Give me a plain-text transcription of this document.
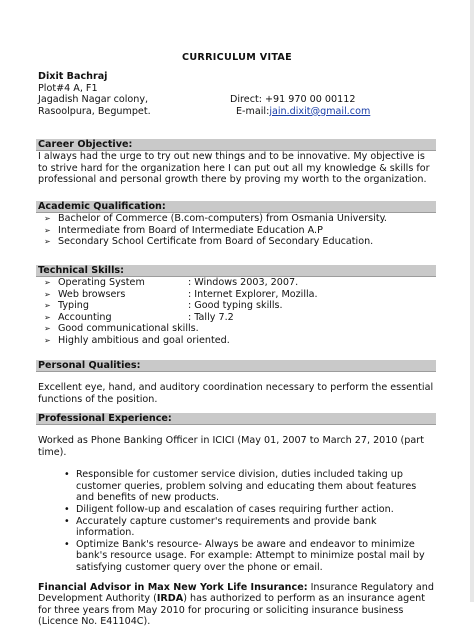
CURRICULUM VITAE
Dixit Bachraj
Plot#4 A, F1
Jagadish Nagar colony,	Direct: +91 970 00 00112
Rasoolpura, Begumpet.	E-mail:jain.dixit@gmail.com
Career Objective:
I always had the urge to try out new things and to be innovative. My objective is to strive hard for the organization here I can put out all my knowledge & skills for professional and personal growth there by proving my worth to the organization.
Academic Qualification:
➢ Bachelor of Commerce (B.com-computers) from Osmania University.
➢ Intermediate from Board of Intermediate Education A.P
➢ Secondary School Certificate from Board of Secondary Education.
Technical Skills:
➢ Operating System	: Windows 2003, 2007.
➢ Web browsers	: Internet Explorer, Mozilla.
➢ Typing	: Good typing skills.
➢ Accounting	: Tally 7.2
➢ Good communicational skills.
➢ Highly ambitious and goal oriented.
Personal Qualities:
Excellent eye, hand, and auditory coordination necessary to perform the essential functions of the position.
Professional Experience:
Worked as Phone Banking Officer in ICICI (May 01, 2007 to March 27, 2010 (part time).
• Responsible for customer service division, duties included taking up customer queries, problem solving and educating them about features and benefits of new products.
• Diligent follow-up and escalation of cases requiring further action.
• Accurately capture customer's requirements and provide bank information.
• Optimize Bank's resource- Always be aware and endeavor to minimize bank's resource usage. For example: Attempt to minimize postal mail by satisfying customer query over the phone or email.
Financial Advisor in Max New York Life Insurance: Insurance Regulatory and Development Authority (IRDA) has authorized to perform as an insurance agent for three years from May 2010 for procuring or soliciting insurance business (Licence No. E41104C).
